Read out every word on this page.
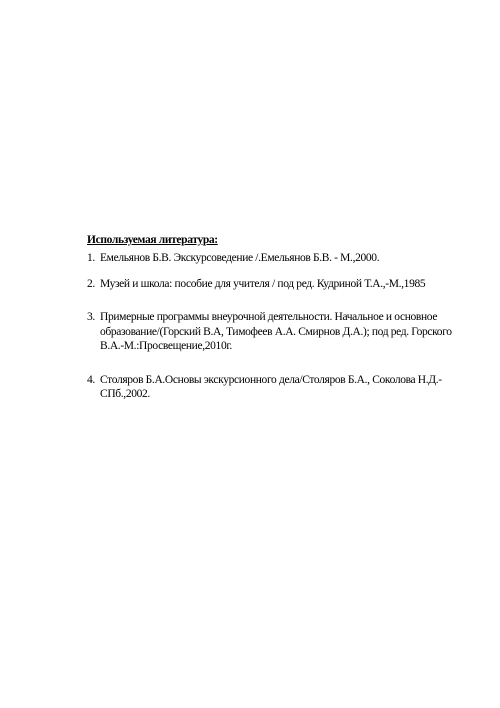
Используемая литература:
1. Емельянов Б.В. Экскурсоведение /.Емельянов Б.В. - М.,2000.
2. Музей и школа: пособие для учителя / под ред. Кудриной Т.А.,-М.,1985
3. Примерные программы внеурочной деятельности. Начальное и основное образование/(Горский В.А, Тимофеев А.А. Смирнов Д.А.); под ред. Горского В.А.-М.:Просвещение,2010г.
4. Столяров Б.А.Основы экскурсионного дела/Столяров Б.А., Соколова Н.Д.-СПб.,2002.
